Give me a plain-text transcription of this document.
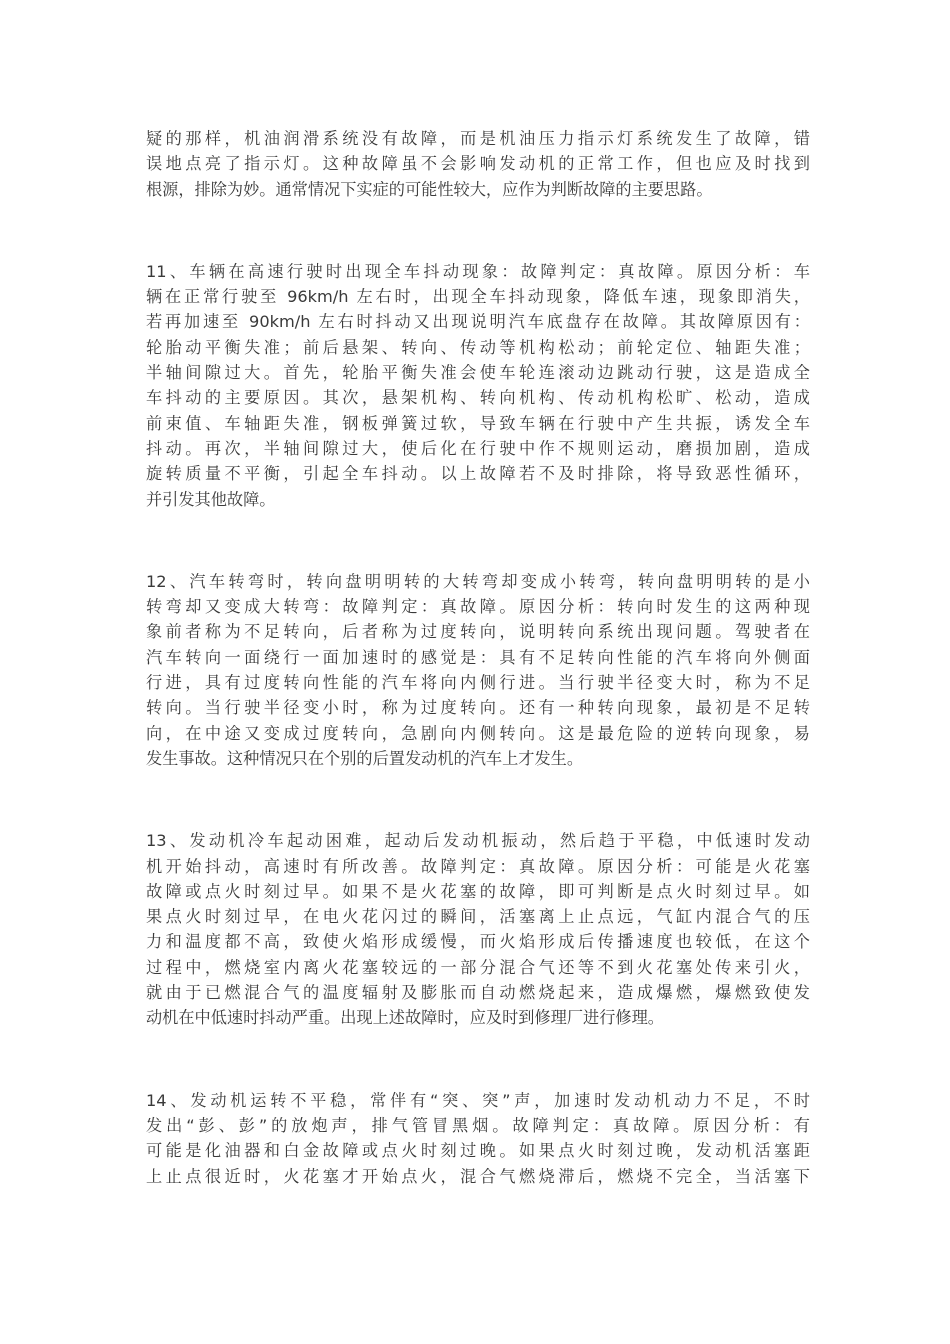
疑的那样，机油润滑系统没有故障，而是机油压力指示灯系统发生了故障，错
误地点亮了指示灯。这种故障虽不会影响发动机的正常工作，但也应及时找到
根源，排除为妙。通常情况下实症的可能性较大，应作为判断故障的主要思路。
11、车辆在高速行驶时出现全车抖动现象：故障判定：真故障。原因分析：车
辆在正常行驶至 96km/h 左右时，出现全车抖动现象，降低车速，现象即消失，
若再加速至 90km/h 左右时抖动又出现说明汽车底盘存在故障。其故障原因有：
轮胎动平衡失准；前后悬架、转向、传动等机构松动；前轮定位、轴距失准；
半轴间隙过大。首先，轮胎平衡失准会使车轮连滚动边跳动行驶，这是造成全
车抖动的主要原因。其次，悬架机构、转向机构、传动机构松旷、松动，造成
前束值、车轴距失准，钢板弹簧过软，导致车辆在行驶中产生共振，诱发全车
抖动。再次，半轴间隙过大，使后化在行驶中作不规则运动，磨损加剧，造成
旋转质量不平衡，引起全车抖动。以上故障若不及时排除，将导致恶性循环，
并引发其他故障。
12、汽车转弯时，转向盘明明转的大转弯却变成小转弯，转向盘明明转的是小
转弯却又变成大转弯：故障判定：真故障。原因分析：转向时发生的这两种现
象前者称为不足转向，后者称为过度转向，说明转向系统出现问题。驾驶者在
汽车转向一面绕行一面加速时的感觉是：具有不足转向性能的汽车将向外侧面
行进，具有过度转向性能的汽车将向内侧行进。当行驶半径变大时，称为不足
转向。当行驶半径变小时，称为过度转向。还有一种转向现象，最初是不足转
向，在中途又变成过度转向，急剧向内侧转向。这是最危险的逆转向现象，易
发生事故。这种情况只在个别的后置发动机的汽车上才发生。
13、发动机冷车起动困难，起动后发动机振动，然后趋于平稳，中低速时发动
机开始抖动，高速时有所改善。故障判定：真故障。原因分析：可能是火花塞
故障或点火时刻过早。如果不是火花塞的故障，即可判断是点火时刻过早。如
果点火时刻过早，在电火花闪过的瞬间，活塞离上止点远，气缸内混合气的压
力和温度都不高，致使火焰形成缓慢，而火焰形成后传播速度也较低，在这个
过程中，燃烧室内离火花塞较远的一部分混合气还等不到火花塞处传来引火，
就由于已燃混合气的温度辐射及膨胀而自动燃烧起来，造成爆燃，爆燃致使发
动机在中低速时抖动严重。出现上述故障时，应及时到修理厂进行修理。
14、发动机运转不平稳，常伴有“突、突”声，加速时发动机动力不足，不时
发出“彭、彭”的放炮声，排气管冒黑烟。故障判定：真故障。原因分析：有
可能是化油器和白金故障或点火时刻过晚。如果点火时刻过晚，发动机活塞距
上止点很近时，火花塞才开始点火，混合气燃烧滞后，燃烧不完全，当活塞下
